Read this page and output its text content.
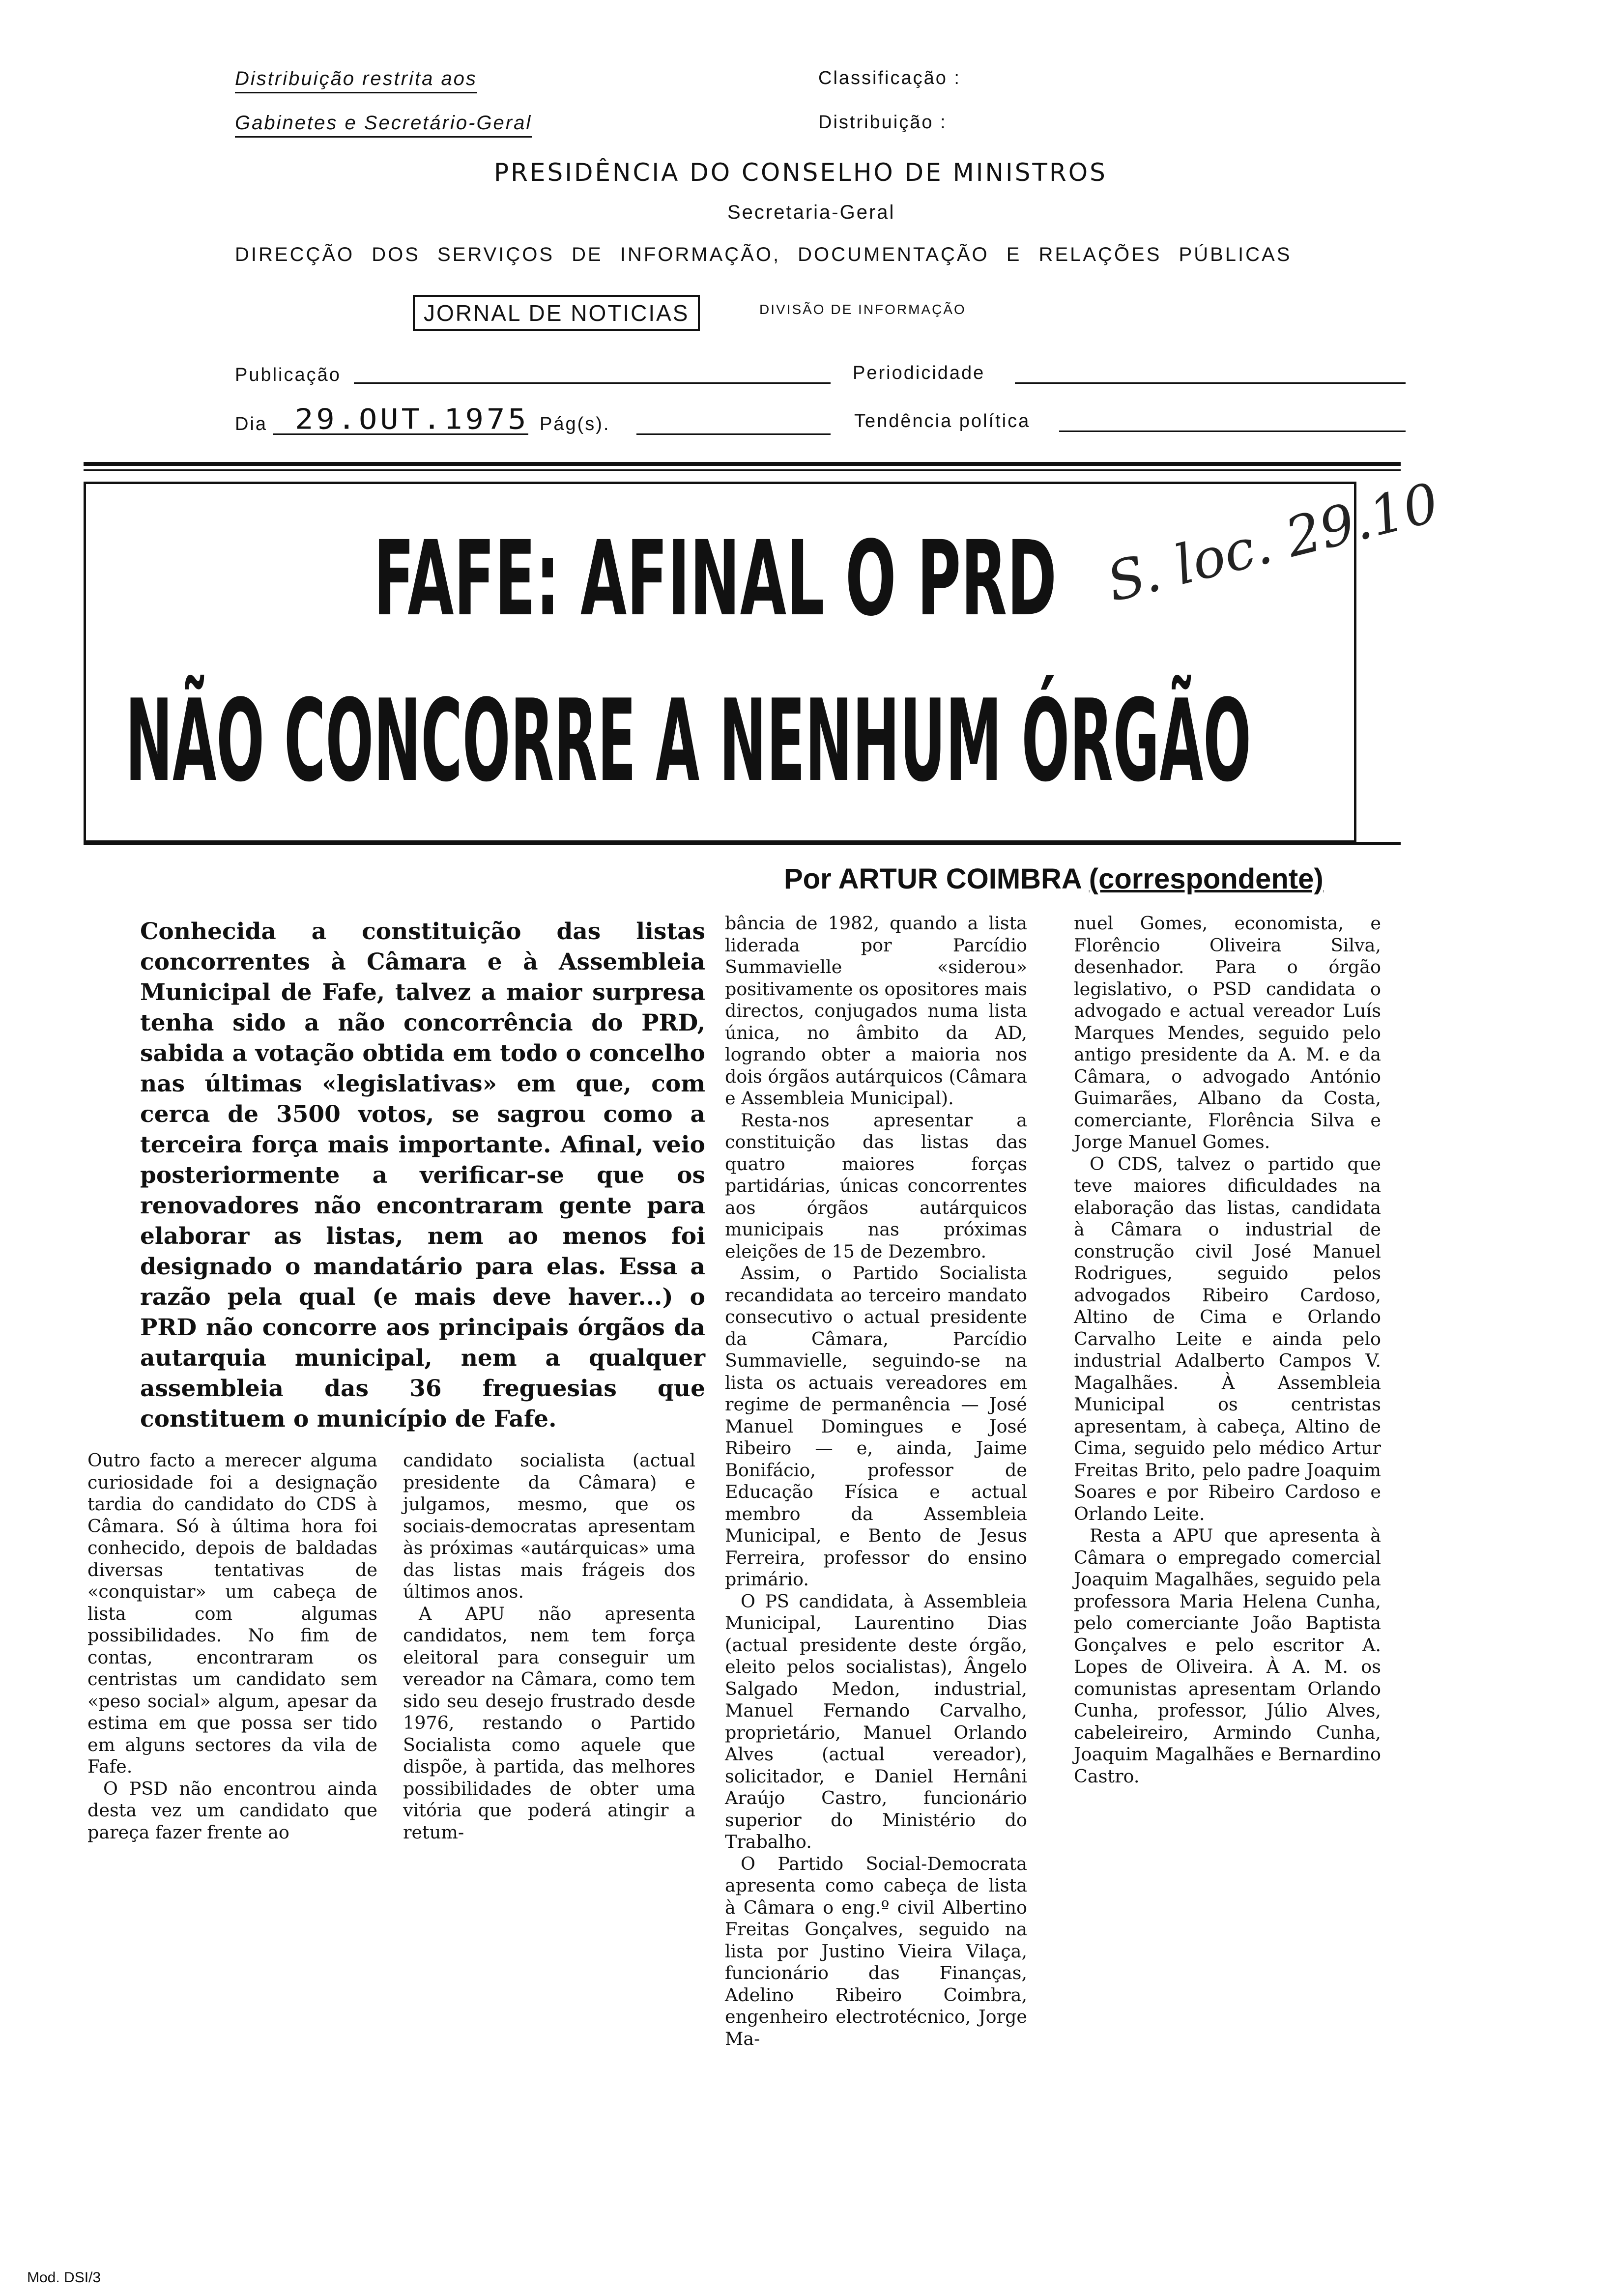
Distribuição restrita aos
Gabinetes e Secretário-Geral
Classificação :
Distribuição :
PRESIDÊNCIA DO CONSELHO DE MINISTROS
Secretaria-Geral
DIRECÇÃO DOS SERVIÇOS DE INFORMAÇÃO, DOCUMENTAÇÃO E RELAÇÕES PÚBLICAS
JORNAL DE NOTICIAS	DIVISÃO DE INFORMAÇÃO
Publicação	Periodicidade
Dia 29.OUT.1975 Pág(s).	Tendência política
FAFE: AFINAL O PRD
NÃO CONCORRE A NENHUM ÓRGÃO
S. loc. 29.10
Por ARTUR COIMBRA (correspondente)
Conhecida a constituição das listas concorrentes à Câmara e à Assembleia Municipal de Fafe, talvez a maior surpresa tenha sido a não concorrência do PRD, sabida a votação obtida em todo o concelho nas últimas «legislativas» em que, com cerca de 3500 votos, se sagrou como a terceira força mais importante. Afinal, veio posteriormente a verificar-se que os renovadores não encontraram gente para elaborar as listas, nem ao menos foi designado o mandatário para elas. Essa a razão pela qual (e mais deve haver...) o PRD não concorre aos principais órgãos da autarquia municipal, nem a qualquer assembleia das 36 freguesias que constituem o município de Fafe.

Outro facto a merecer alguma curiosidade foi a designação tardia do candidato do CDS à Câmara. Só à última hora foi conhecido, depois de baldadas diversas tentativas de «conquistar» um cabeça de lista com algumas possibilidades. No fim de contas, encontraram os centristas um candidato sem «peso social» algum, apesar da estima em que possa ser tido em alguns sectores da vila de Fafe.

O PSD não encontrou ainda desta vez um candidato que pareça fazer frente ao

candidato socialista (actual presidente da Câmara) e julgamos, mesmo, que os sociais-democratas apresentam às próximas «autárquicas» uma das listas mais frágeis dos últimos anos.

A APU não apresenta candidatos, nem tem força eleitoral para conseguir um vereador na Câmara, como tem sido seu desejo frustrado desde 1976, restando o Partido Socialista como aquele que dispõe, à partida, das melhores possibilidades de obter uma vitória que poderá atingir a retum-

bância de 1982, quando a lista liderada por Parcídio Summavielle «siderou» positivamente os opositores mais directos, conjugados numa lista única, no âmbito da AD, logrando obter a maioria nos dois órgãos autárquicos (Câmara e Assembleia Municipal).

Resta-nos apresentar a constituição das listas das quatro maiores forças partidárias, únicas concorrentes aos órgãos autárquicos municipais nas próximas eleições de 15 de Dezembro.

Assim, o Partido Socialista recandidata ao terceiro mandato consecutivo o actual presidente da Câmara, Parcídio Summavielle, seguindo-se na lista os actuais vereadores em regime de permanência — José Manuel Domingues e José Ribeiro — e, ainda, Jaime Bonifácio, professor de Educação Física e actual membro da Assembleia Municipal, e Bento de Jesus Ferreira, professor do ensino primário.

O PS candidata, à Assembleia Municipal, Laurentino Dias (actual presidente deste órgão, eleito pelos socialistas), Ângelo Salgado Medon, industrial, Manuel Fernando Carvalho, proprietário, Manuel Orlando Alves (actual vereador), solicitador, e Daniel Hernâni Araújo Castro, funcionário superior do Ministério do Trabalho.

O Partido Social-Democrata apresenta como cabeça de lista à Câmara o eng.º civil Albertino Freitas Gonçalves, seguido na lista por Justino Vieira Vilaça, funcionário das Finanças, Adelino Ribeiro Coimbra, engenheiro electrotécnico, Jorge Ma-

nuel Gomes, economista, e Florêncio Oliveira Silva, desenhador. Para o órgão legislativo, o PSD candidata o advogado e actual vereador Luís Marques Mendes, seguido pelo antigo presidente da A. M. e da Câmara, o advogado António Guimarães, Albano da Costa, comerciante, Florência Silva e Jorge Manuel Gomes.

O CDS, talvez o partido que teve maiores dificuldades na elaboração das listas, candidata à Câmara o industrial de construção civil José Manuel Rodrigues, seguido pelos advogados Ribeiro Cardoso, Altino de Cima e Orlando Carvalho Leite e ainda pelo industrial Adalberto Campos V. Magalhães. À Assembleia Municipal os centristas apresentam, à cabeça, Altino de Cima, seguido pelo médico Artur Freitas Brito, pelo padre Joaquim Soares e por Ribeiro Cardoso e Orlando Leite.

Resta a APU que apresenta à Câmara o empregado comercial Joaquim Magalhães, seguido pela professora Maria Helena Cunha, pelo comerciante João Baptista Gonçalves e pelo escritor A. Lopes de Oliveira. À A. M. os comunistas apresentam Orlando Cunha, professor, Júlio Alves, cabeleireiro, Armindo Cunha, Joaquim Magalhães e Bernardino Castro.

Mod. DSI/3
